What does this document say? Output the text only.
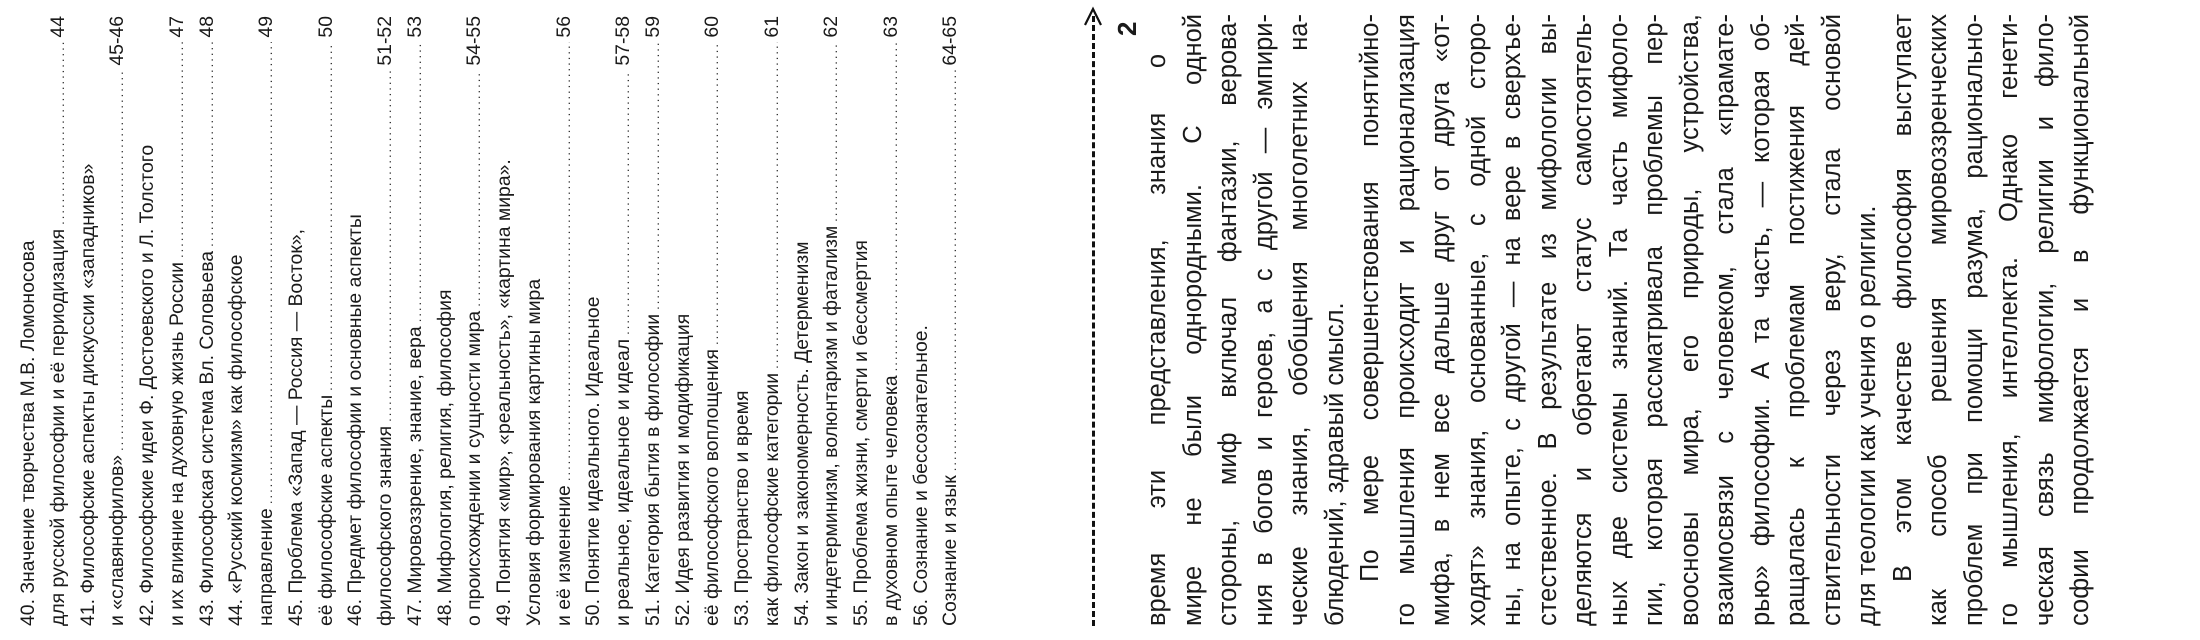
40. Значение творчества М.В. Ломоносова для русской философии и её периодизация
.....
44
41. Философские аспекты дискуссии «западников» и «славянофилов»
.....
45-46
42. Философские идеи Ф. Достоевского и Л. Толстого и их влияние на духовную жизнь России
.....
47
43. Философская система Вл. Соловьева
.....
48
44. «Русский космизм» как философское направление
.....
49
45. Проблема «Запад — Россия — Восток», её философские аспекты
.....
50
46. Предмет философии и основные аспекты философского знания
.....
51-52
47. Мировоззрение, знание, вера
.....
53
48. Мифология, религия, философия о происхождении и сущности мира
.....
54-55
49. Понятия «мир», «реальность», «картина мира». Условия формирования картины мира и её изменение
.....
56
50. Понятие идеального. Идеальное и реальное, идеальное и идеал
.....
57-58
51. Категория бытия в философии
.....
59
52. Идея развития и модификация её философского воплощения
.....
60
53. Пространство и время как философские категории
.....
61
54. Закон и закономерность. Детерменизм и индетерминизм, волюнтаризм и фатализм
.....
62
55. Проблема жизни, смерти и бессмертия в духовном опыте человека
.....
63
56. Сознание и бессознательное. Сознание и язык
.....
64-65	2
время эти представления, знания о мире не были однородными. С одной стороны, миф включал фантазии, верова- ния в богов и героев, а с другой — эмпири- ческие знания, обобщения многолетних на- блюдений, здравый смысл. По мере совершенствования понятийно- го мышления происходит и рационализация мифа, в нем все дальше друг от друга «от- ходят» знания, основанные, с одной сторо- ны, на опыте, с другой — на вере в сверхъе- стественное. В результате из мифологии вы- деляются и обретают статус самостоятель- ных две системы знаний. Та часть мифоло- гии, которая рассматривала проблемы пер- воосновы мира, его природы, устройства, взаимосвязи с человеком, стала «праматe- рью» философии. А та часть, — которая об- ращалась к проблемам постижения дей- ствительности через веру, стала основой для теологии как учения о религии. В этом качестве философия выступает как способ решения мировоззренческих проблем при помощи разума, рационально- го мышления, интеллекта. Однако генети- ческая связь мифологии, религии и фило- софии продолжается и в функциональной
